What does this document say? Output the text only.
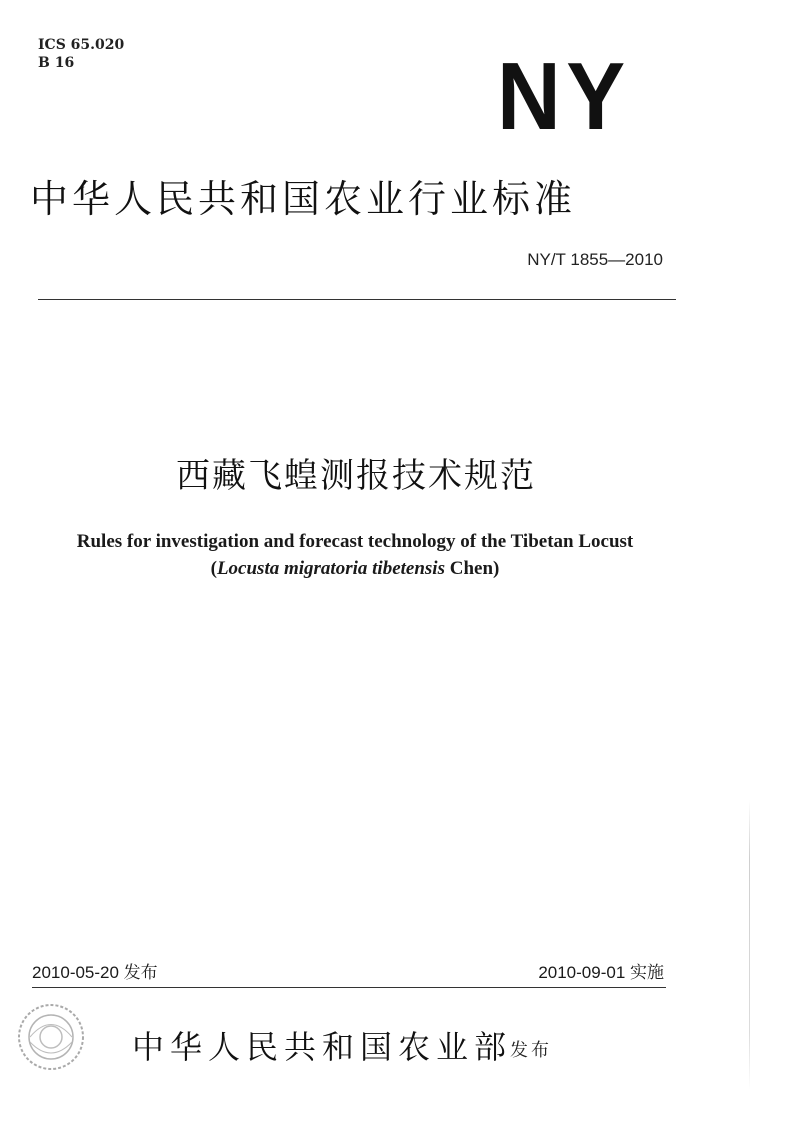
ICS 65.020
B 16	NY
中华人民共和国农业行业标准
NY/T 1855—2010
西藏飞蝗测报技术规范
Rules for investigation and forecast technology of the Tibetan Locust
(Locusta migratoria tibetensis Chen)
2010-05-20 发布	2010-09-01 实施
中华人民共和国农业部
发布
